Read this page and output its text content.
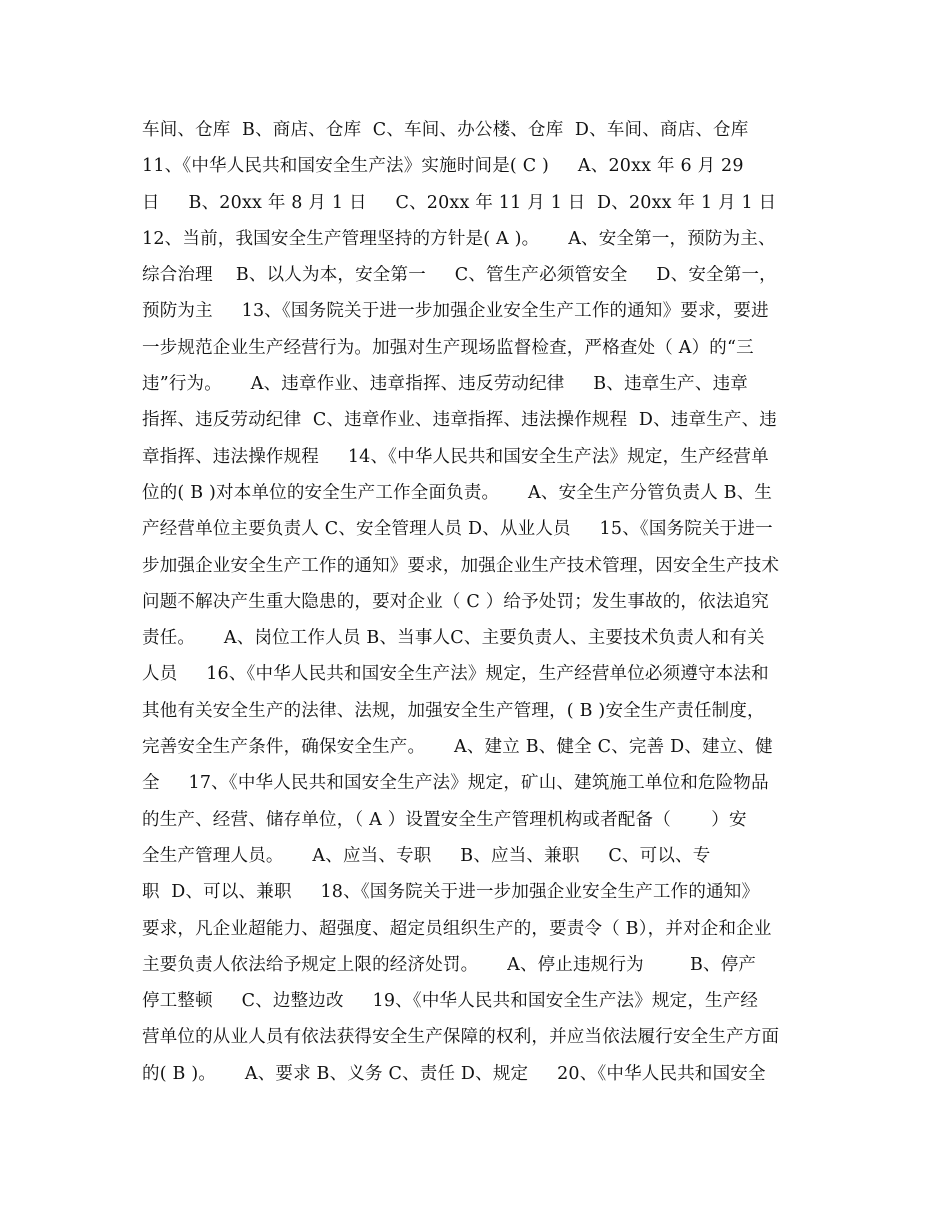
车间、仓库  B、商店、仓库  C、车间、办公楼、仓库  D、车间、商店、仓库
11、《中华人民共和国安全生产法》实施时间是( C )     A、20xx 年 6 月 29
日     B、20xx 年 8 月 1 日     C、20xx 年 11 月 1 日  D、20xx 年 1 月 1 日
12、当前，我国安全生产管理坚持的方针是( A )。     A、安全第一，预防为主、
综合治理    B、以人为本，安全第一     C、管生产必须管安全     D、安全第一，
预防为主     13、《国务院关于进一步加强企业安全生产工作的通知》要求，要进
一步规范企业生产经营行为。加强对生产现场监督检查，严格查处（ A）的“三
违”行为。     A、违章作业、违章指挥、违反劳动纪律     B、违章生产、违章
指挥、违反劳动纪律  C、违章作业、违章指挥、违法操作规程  D、违章生产、违
章指挥、违法操作规程     14、《中华人民共和国安全生产法》规定，生产经营单
位的( B )对本单位的安全生产工作全面负责。     A、安全生产分管负责人 B、生
产经营单位主要负责人 C、安全管理人员 D、从业人员     15、《国务院关于进一
步加强企业安全生产工作的通知》要求，加强企业生产技术管理，因安全生产技术
问题不解决产生重大隐患的，要对企业（ C ）给予处罚；发生事故的，依法追究
责任。     A、岗位工作人员 B、当事人C、主要负责人、主要技术负责人和有关
人员     16、《中华人民共和国安全生产法》规定，生产经营单位必须遵守本法和
其他有关安全生产的法律、法规，加强安全生产管理，( B )安全生产责任制度，
完善安全生产条件，确保安全生产。     A、建立 B、健全 C、完善 D、建立、健
全     17、《中华人民共和国安全生产法》规定，矿山、建筑施工单位和危险物品
的生产、经营、储存单位，（ A ）设置安全生产管理机构或者配备（       ）安
全生产管理人员。     A、应当、专职     B、应当、兼职     C、可以、专
职  D、可以、兼职     18、《国务院关于进一步加强企业安全生产工作的通知》
要求，凡企业超能力、超强度、超定员组织生产的，要责令（ B），并对企和企业
主要负责人依法给予规定上限的经济处罚。     A、停止违规行为        B、停产
停工整顿     C、边整边改     19、《中华人民共和国安全生产法》规定，生产经
营单位的从业人员有依法获得安全生产保障的权利，并应当依法履行安全生产方面
的( B )。     A、要求 B、义务 C、责任 D、规定     20、《中华人民共和国安全
